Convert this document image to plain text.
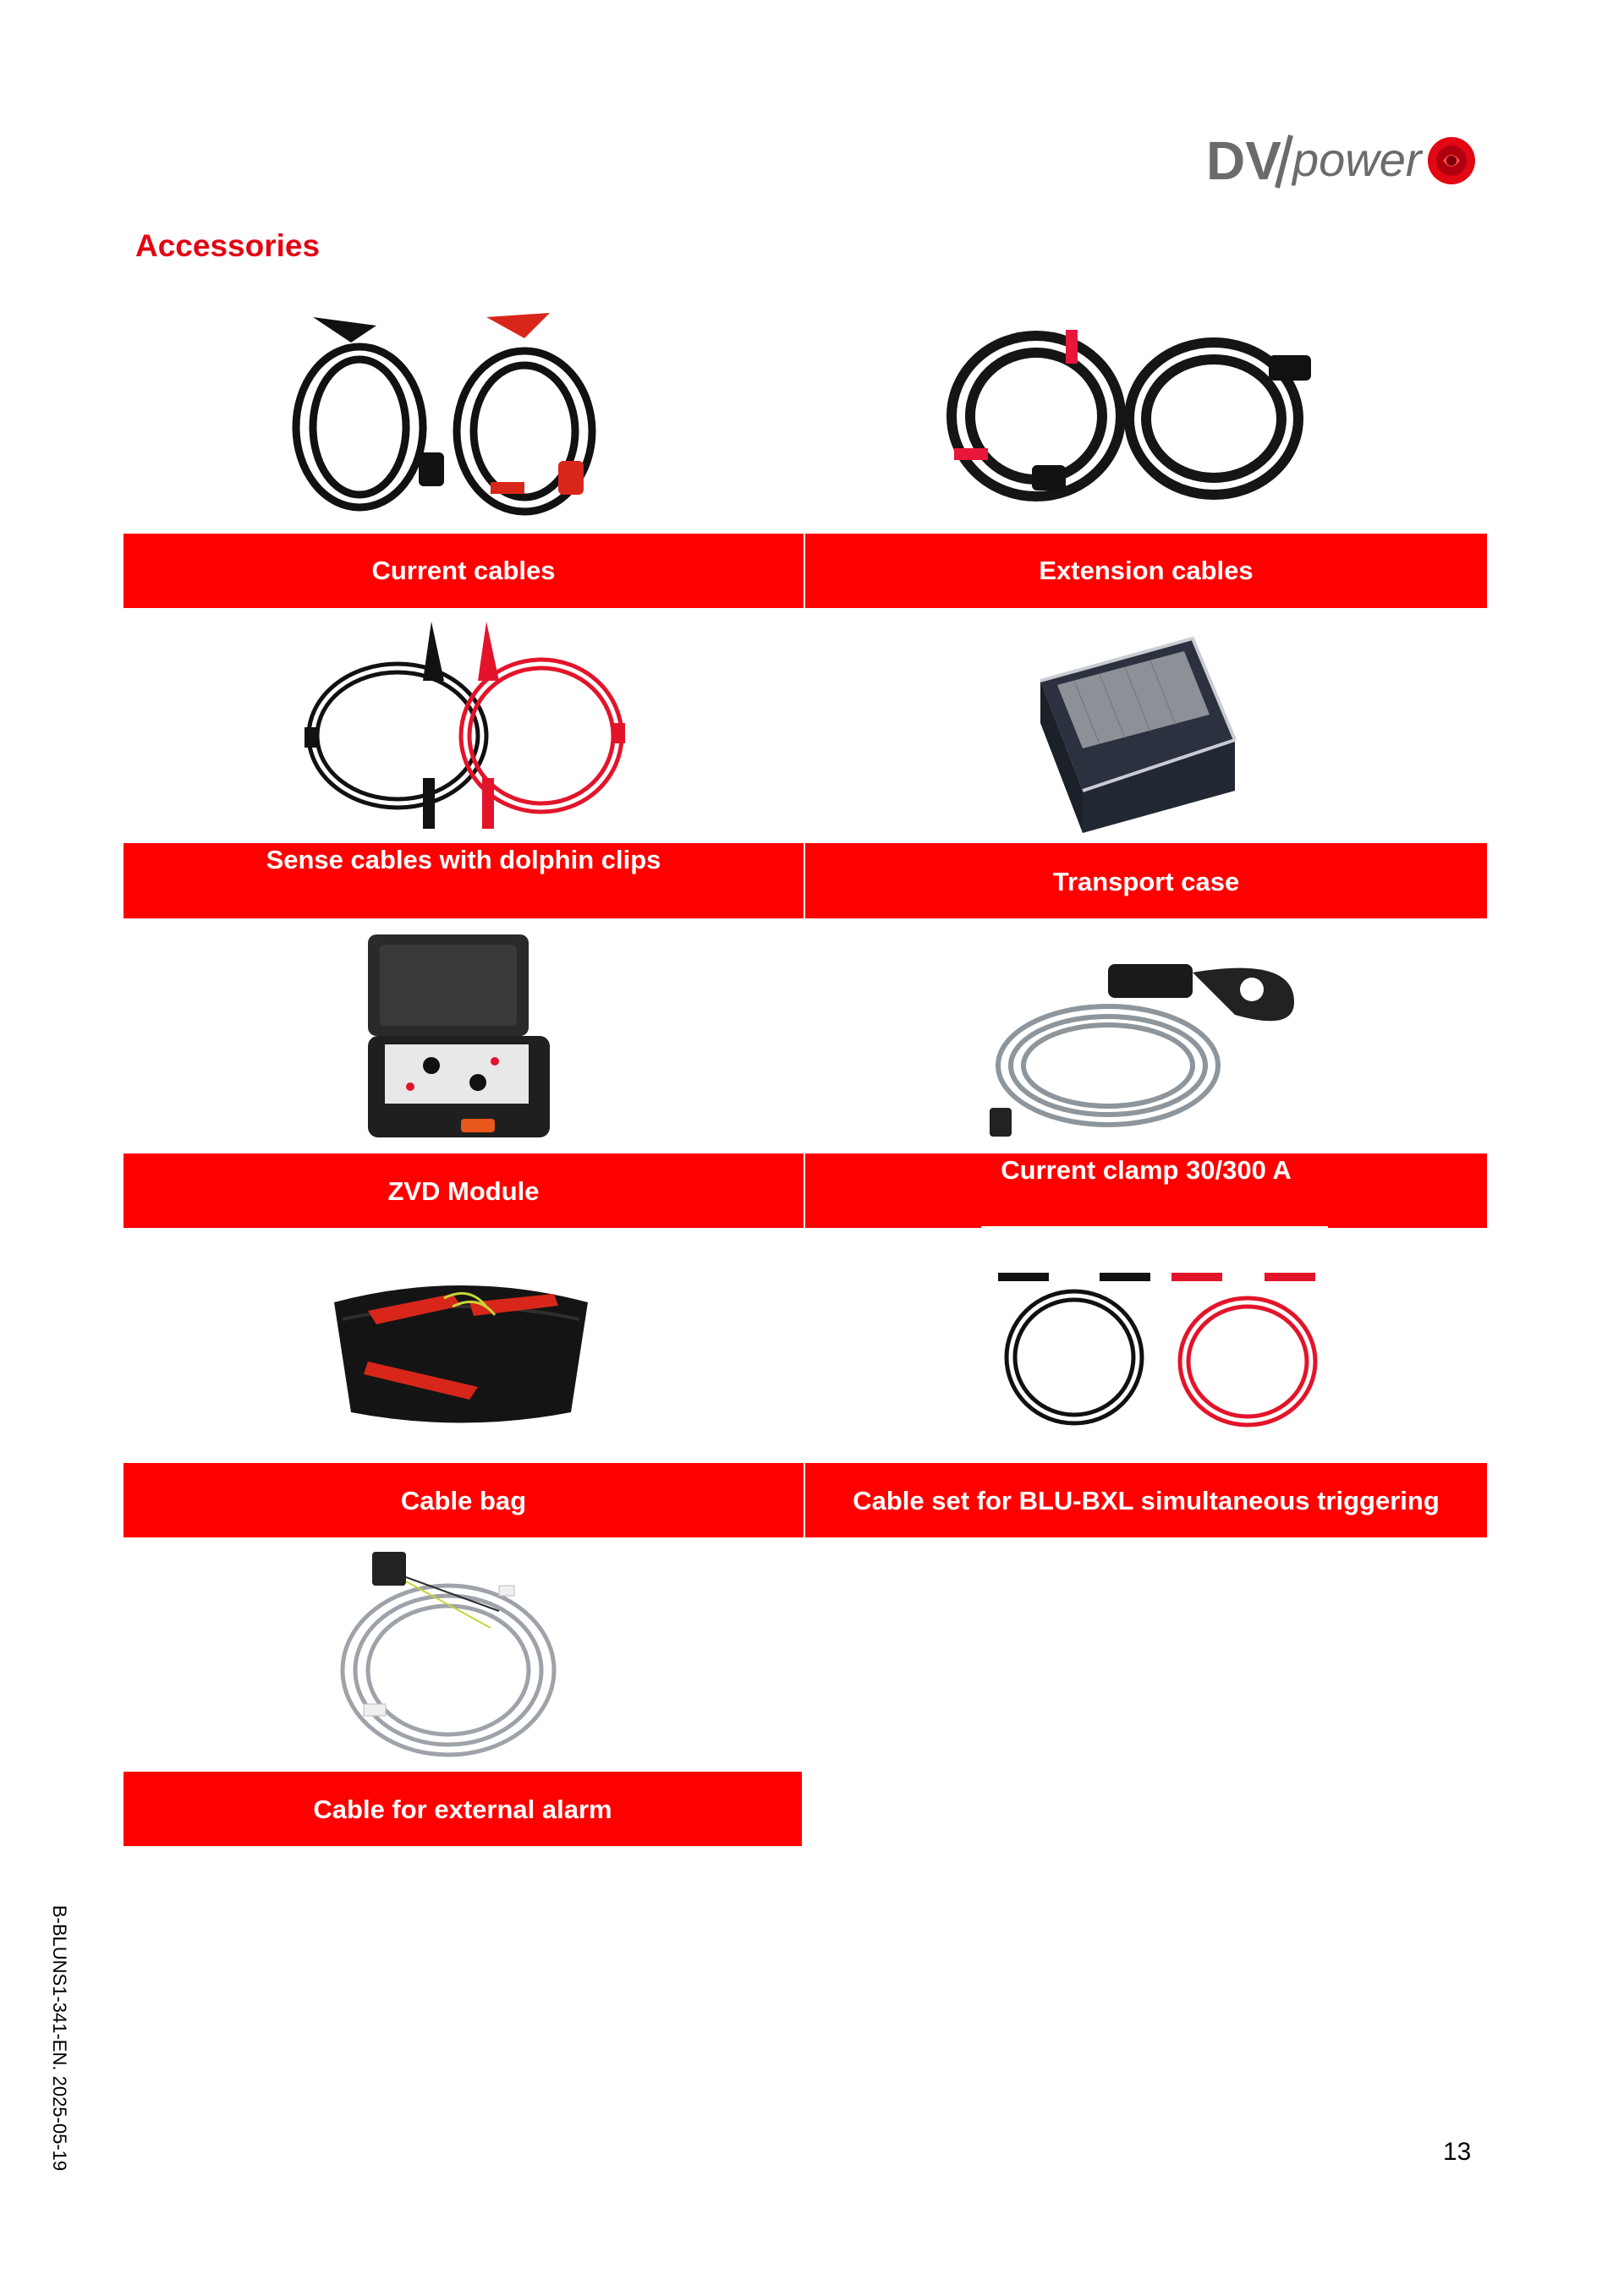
DV power
Accessories
Current cables	Extension cables
Sense cables with dolphin clips
Transport case
ZVD Module
Current clamp 30/300 A
Cable bag	Cable set for BLU-BXL simultaneous triggering
Cable for external alarm
B-BLUNS1-341-EN. 2025-05-19	13
